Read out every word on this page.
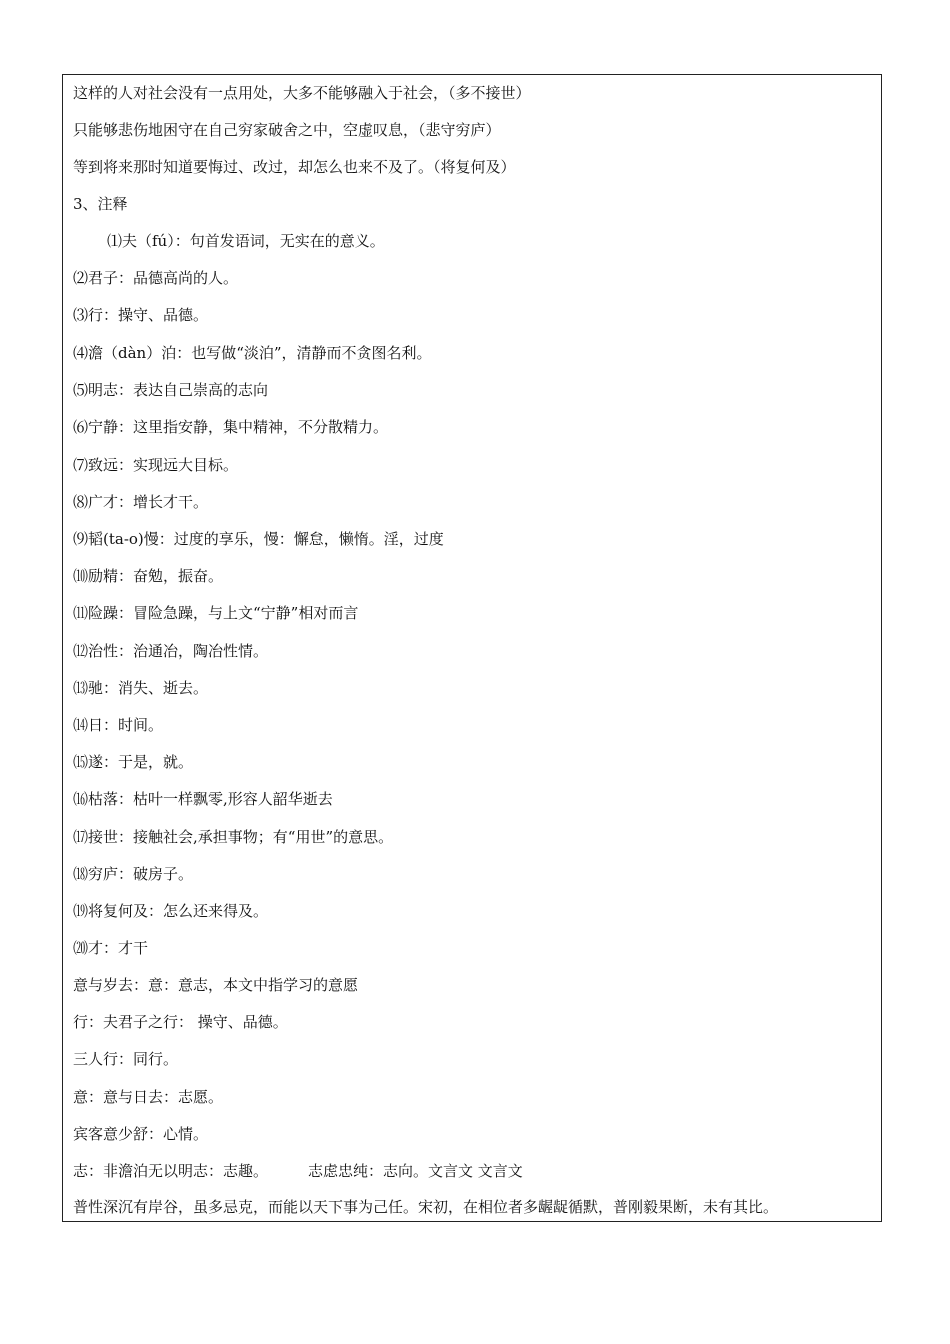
这样的人对社会没有一点用处，大多不能够融入于社会，（多不接世）
只能够悲伤地困守在自己穷家破舍之中，空虚叹息，（悲守穷庐）
等到将来那时知道要悔过、改过，却怎么也来不及了。（将复何及）
3、注释
⑴夫（fú）：句首发语词，无实在的意义。
⑵君子：品德高尚的人。
⑶行：操守、品德。
⑷澹（dàn）泊：也写做“淡泊”，清静而不贪图名利。
⑸明志：表达自己崇高的志向
⑹宁静：这里指安静，集中精神，不分散精力。
⑺致远：实现远大目标。
⑻广才：增长才干。
⑼韬(ta-o)慢：过度的享乐，慢：懈怠，懒惰。淫，过度
⑽励精：奋勉，振奋。
⑾险躁：冒险急躁，与上文“宁静”相对而言
⑿治性：治通冶，陶冶性情。
⒀驰：消失、逝去。
⒁日：时间。
⒂遂：于是，就。
⒃枯落：枯叶一样飘零,形容人韶华逝去
⒄接世：接触社会,承担事物；有“用世”的意思。
⒅穷庐：破房子。
⒆将复何及：怎么还来得及。
⒇才：才干
意与岁去：意：意志，本文中指学习的意愿
行：夫君子之行： 操守、品德。
三人行：同行。
意：意与日去：志愿。
宾客意少舒：心情。
志：非澹泊无以明志：志趣。	志虑忠纯：志向。文言文 文言文
普性深沉有岸谷，虽多忌克，而能以天下事为己任。宋初，在相位者多龌龊循默，普刚毅果断，未有其比。
